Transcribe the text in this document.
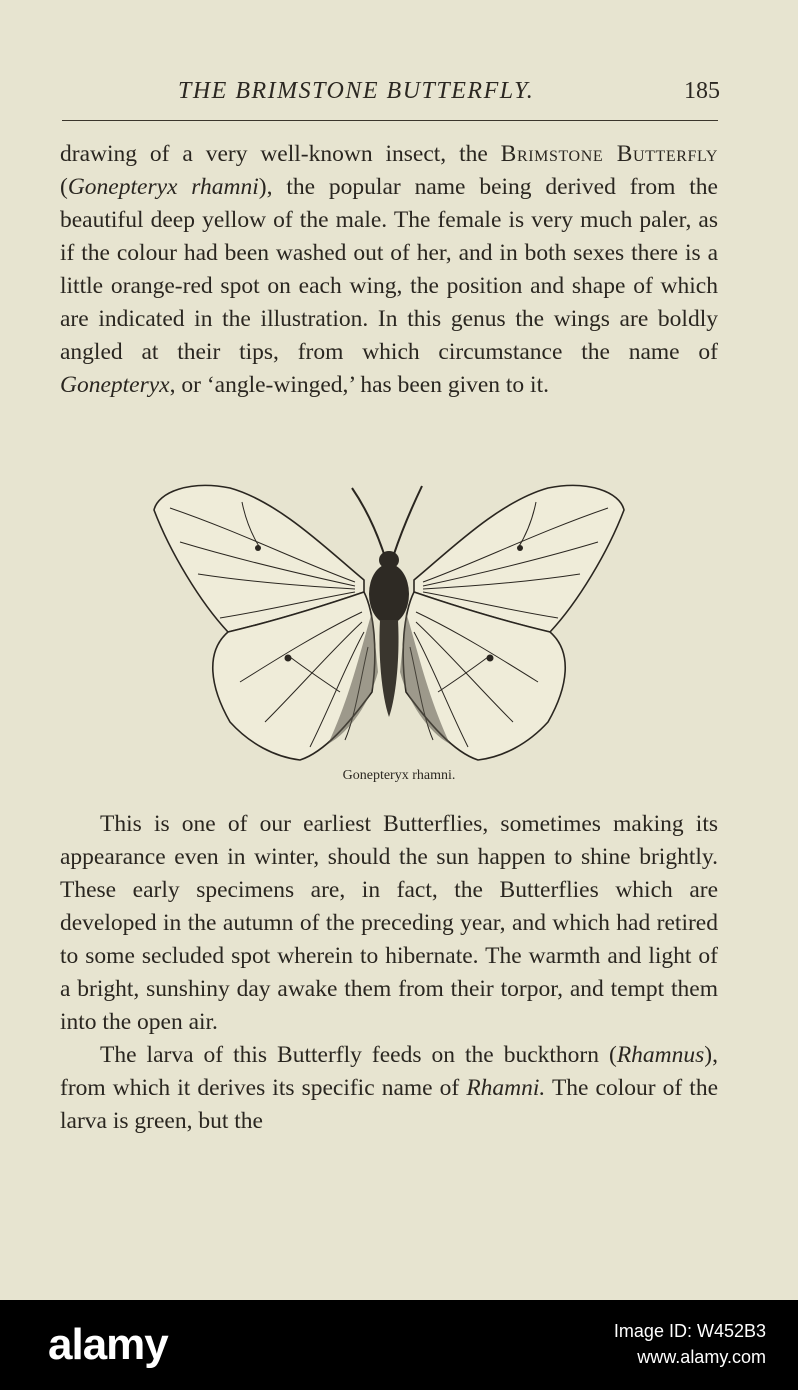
THE BRIMSTONE BUTTERFLY.	185

drawing of a very well-known insect, the Brimstone Butterfly (Gonepteryx rhamni), the popular name being derived from the beautiful deep yellow of the male. The female is very much paler, as if the colour had been washed out of her, and in both sexes there is a little orange-red spot on each wing, the position and shape of which are indicated in the illustration. In this genus the wings are boldly angled at their tips, from which circumstance the name of Gonepteryx, or ‘angle-winged,’ has been given to it.

Gonepteryx rhamni.

This is one of our earliest Butterflies, sometimes making its appearance even in winter, should the sun happen to shine brightly. These early specimens are, in fact, the Butterflies which are developed in the autumn of the preceding year, and which had retired to some secluded spot wherein to hibernate. The warmth and light of a bright, sunshiny day awake them from their torpor, and tempt them into the open air.

The larva of this Butterfly feeds on the buckthorn (Rhamnus), from which it derives its specific name of Rhamni. The colour of the larva is green, but the

alamy	Image ID: W452B3
www.alamy.com
